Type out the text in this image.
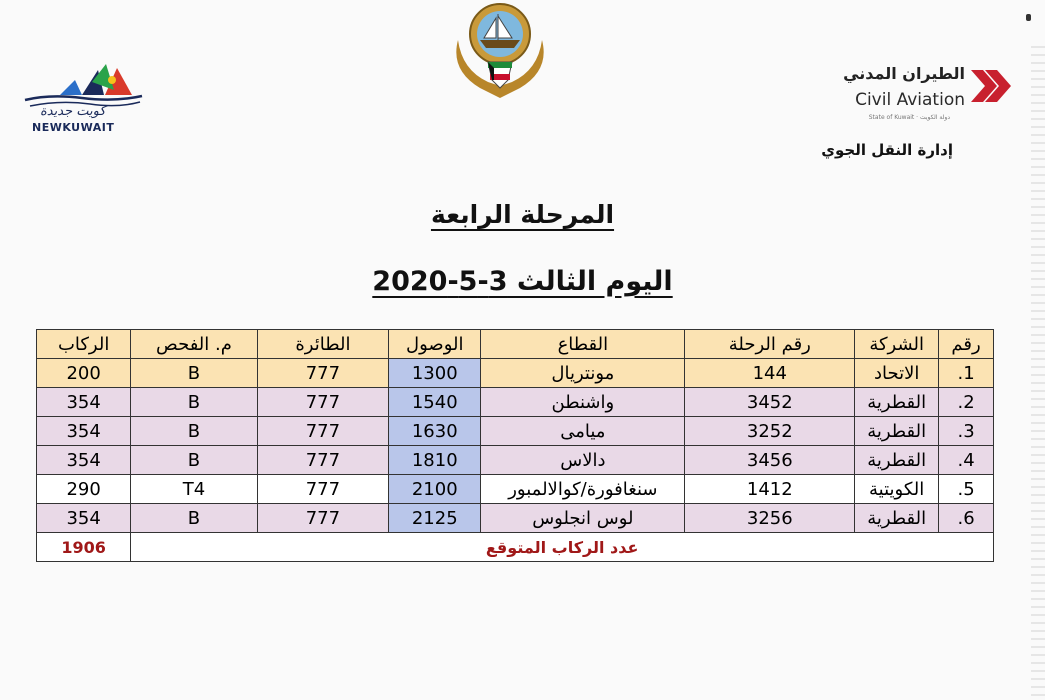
كويت جديدة
NEWKUWAIT
الطيران المدني
Civil Aviation
State of Kuwait · دولة الكويت
إدارة النقل الجوي
المرحلة الرابعة
اليوم الثالث 3-5-2020
رقم	الشركة	رقم الرحلة	القطاع	الوصول	الطائرة	م. الفحص	الركاب
1.	الاتحاد	144	مونتريال	1300	777	B	200
2.	القطرية	3452	واشنطن	1540	777	B	354
3.	القطرية	3252	ميامى	1630	777	B	354
4.	القطرية	3456	دالاس	1810	777	B	354
5.	الكويتية	1412	سنغافورة/كوالالمبور	2100	777	T4	290
6.	القطرية	3256	لوس انجلوس	2125	777	B	354
عدد الركاب المتوقع							1906
